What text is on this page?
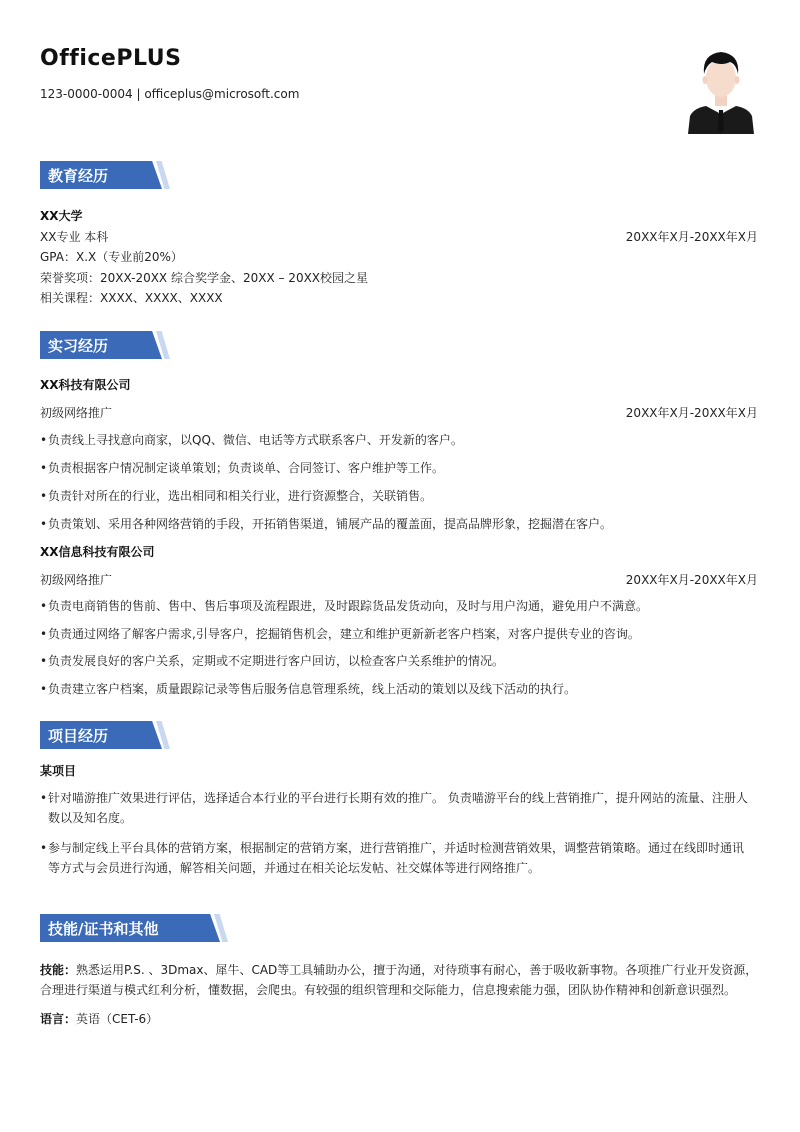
OfficePLUS
123-0000-0004 | officeplus@microsoft.com
教育经历
XX大学
XX专业 本科	20XX年X月-20XX年X月
GPA：X.X（专业前20%）
荣誉奖项：20XX-20XX 综合奖学金、20XX – 20XX校园之星
相关课程：XXXX、XXXX、XXXX
实习经历
XX科技有限公司
初级网络推广	20XX年X月-20XX年X月
•负责线上寻找意向商家，以QQ、微信、电话等方式联系客户、开发新的客户。
•负责根据客户情况制定谈单策划；负责谈单、合同签订、客户维护等工作。
•负责针对所在的行业，选出相同和相关行业，进行资源整合，关联销售。
•负责策划、采用各种网络营销的手段，开拓销售渠道，铺展产品的覆盖面，提高品牌形象，挖掘潜在客户。
XX信息科技有限公司
初级网络推广	20XX年X月-20XX年X月
•负责电商销售的售前、售中、售后事项及流程跟进，及时跟踪货品发货动向，及时与用户沟通，避免用户不满意。
•负责通过网络了解客户需求,引导客户，挖掘销售机会，建立和维护更新新老客户档案，对客户提供专业的咨询。
•负责发展良好的客户关系，定期或不定期进行客户回访，以检查客户关系维护的情况。
•负责建立客户档案，质量跟踪记录等售后服务信息管理系统，线上活动的策划以及线下活动的执行。
项目经历
某项目
•针对喵游推广效果进行评估，选择适合本行业的平台进行长期有效的推广。 负责喵游平台的线上营销推广，提升网站的流量、注册人
数以及知名度。
•参与制定线上平台具体的营销方案，根据制定的营销方案，进行营销推广，并适时检测营销效果，调整营销策略。通过在线即时通讯
等方式与会员进行沟通，解答相关问题，并通过在相关论坛发帖、社交媒体等进行网络推广。
技能/证书和其他
技能：熟悉运用P.S. 、3Dmax、犀牛、CAD等工具辅助办公，擅于沟通，对待琐事有耐心，善于吸收新事物。各项推广行业开发资源，
合理进行渠道与模式红利分析，懂数据，会爬虫。有较强的组织管理和交际能力，信息搜索能力强，团队协作精神和创新意识强烈。
语言：英语（CET-6）
